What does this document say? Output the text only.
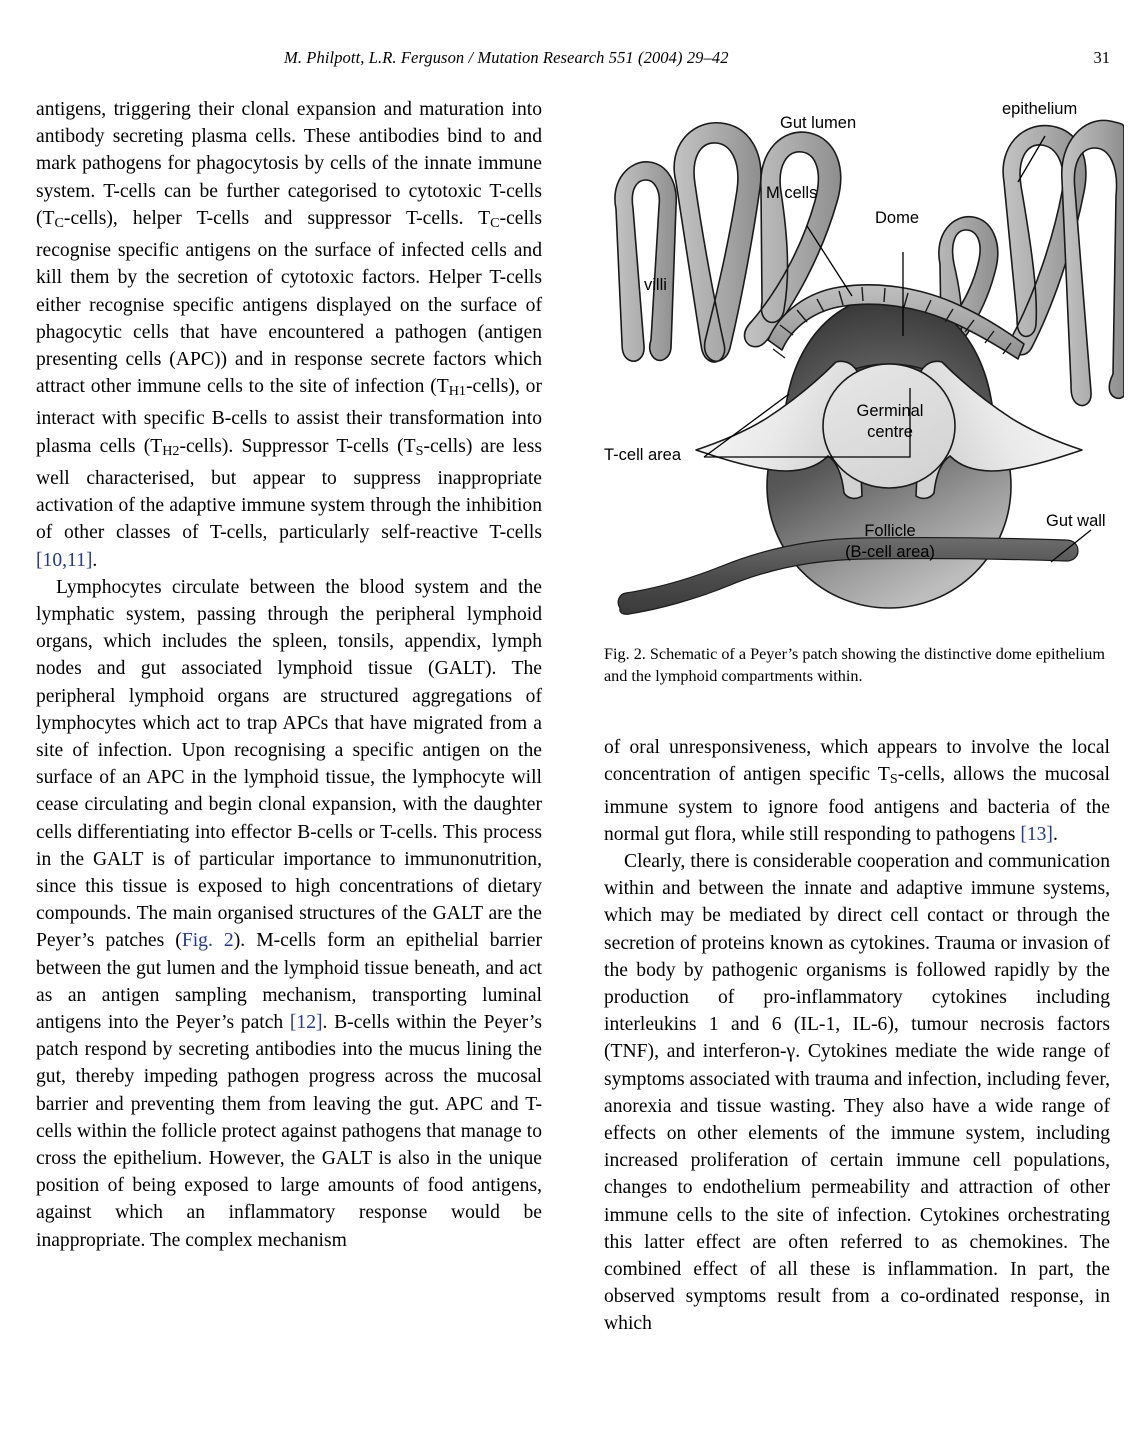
M. Philpott, L.R. Ferguson / Mutation Research 551 (2004) 29–42	31

antigens, triggering their clonal expansion and maturation into antibody secreting plasma cells. These antibodies bind to and mark pathogens for phagocytosis by cells of the innate immune system. T-cells can be further categorised to cytotoxic T-cells $(T_C-cells)$, helper T-cells and suppressor T-cells. $T_C$-cells recognise specific antigens on the surface of infected cells and kill them by the secretion of cytotoxic factors. Helper T-cells either recognise specific antigens displayed on the surface of phagocytic cells that have encountered a pathogen (antigen presenting cells (APC)) and in response secrete factors which attract other immune cells to the site of infection $(T_{H1}-cells)$, or interact with specific B-cells to assist their transformation into plasma cells $(T_{H2}-cells)$. Suppressor T-cells $(T_S-cells)$ are less well characterised, but appear to suppress inappropriate activation of the adaptive immune system through the inhibition of other classes of T-cells, particularly self-reactive T-cells [10,11].

Lymphocytes circulate between the blood system and the lymphatic system, passing through the peripheral lymphoid organs, which includes the spleen, tonsils, appendix, lymph nodes and gut associated lymphoid tissue (GALT). The peripheral lymphoid organs are structured aggregations of lymphocytes which act to trap APCs that have migrated from a site of infection. Upon recognising a specific antigen on the surface of an APC in the lymphoid tissue, the lymphocyte will cease circulating and begin clonal expansion, with the daughter cells differentiating into effector B-cells or T-cells. This process in the GALT is of particular importance to immunonutrition, since this tissue is exposed to high concentrations of dietary compounds. The main organised structures of the GALT are the Peyer’s patches (Fig. 2). M-cells form an epithelial barrier between the gut lumen and the lymphoid tissue beneath, and act as an antigen sampling mechanism, transporting luminal antigens into the Peyer’s patch [12]. B-cells within the Peyer’s patch respond by secreting antibodies into the mucus lining the gut, thereby impeding pathogen progress across the mucosal barrier and preventing them from leaving the gut. APC and T-cells within the follicle protect against pathogens that manage to cross the epithelium. However, the GALT is also in the unique position of being exposed to large amounts of food antigens, against which an inflammatory response would be inappropriate. The complex mechanism

Gut lumen
epithelium
M cells
Dome
villi
Germinal
centre
T-cell area
Follicle
(B-cell area)
Gut wall

Fig. 2. Schematic of a Peyer’s patch showing the distinctive dome epithelium and the lymphoid compartments within.

of oral unresponsiveness, which appears to involve the local concentration of antigen specific $T_S$-cells, allows the mucosal immune system to ignore food antigens and bacteria of the normal gut flora, while still responding to pathogens [13].

Clearly, there is considerable cooperation and communication within and between the innate and adaptive immune systems, which may be mediated by direct cell contact or through the secretion of proteins known as cytokines. Trauma or invasion of the body by pathogenic organisms is followed rapidly by the production of pro-inflammatory cytokines including interleukins 1 and 6 (IL-1, IL-6), tumour necrosis factors (TNF), and interferon-γ. Cytokines mediate the wide range of symptoms associated with trauma and infection, including fever, anorexia and tissue wasting. They also have a wide range of effects on other elements of the immune system, including increased proliferation of certain immune cell populations, changes to endothelium permeability and attraction of other immune cells to the site of infection. Cytokines orchestrating this latter effect are often referred to as chemokines. The combined effect of all these is inflammation. In part, the observed symptoms result from a co-ordinated response, in which
